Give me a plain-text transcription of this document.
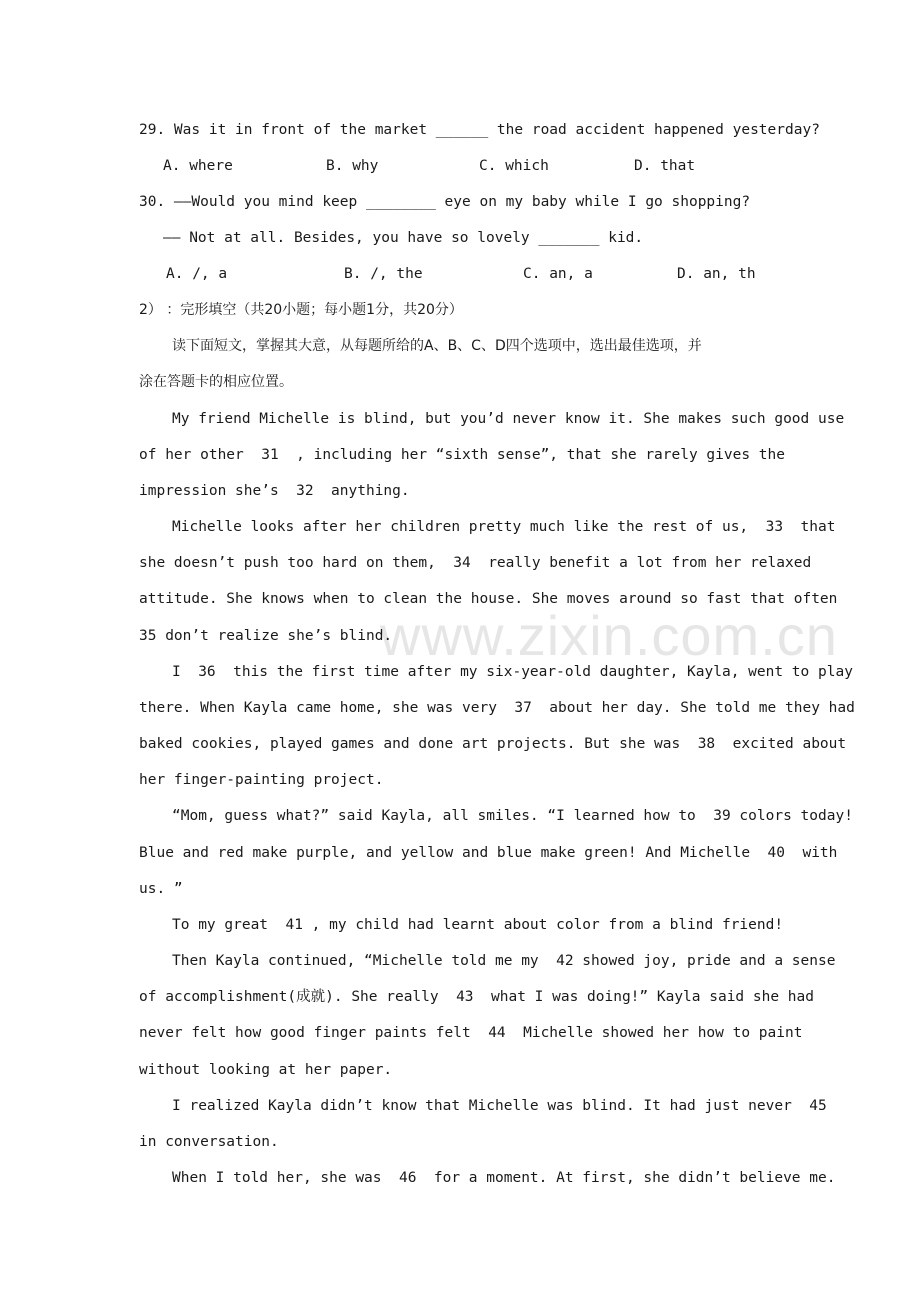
www.zixin.com.cn
29. Was it in front of the market ______ the road accident happened yesterday?
A. where	B. why	C. which	D. that
30. ——Would you mind keep ________ eye on my baby while I go shopping?
—— Not at all. Besides, you have so lovely _______ kid.
A. /, a	B. /, the	C. an, a	D. an, th
2） ：完形填空（共20小题；每小题1分，共20分）
读下面短文，掌握其大意，从每题所给的A、B、C、D四个选项中，选出最佳选项，并
涂在答题卡的相应位置。
My friend Michelle is blind, but you’d never know it. She makes such good use
of her other  31  , including her “sixth sense”, that she rarely gives the
impression she’s  32  anything.
Michelle looks after her children pretty much like the rest of us,  33  that
she doesn’t push too hard on them,  34  really benefit a lot from her relaxed
attitude. She knows when to clean the house. She moves around so fast that often
35 don’t realize she’s blind.
I  36  this the first time after my six-year-old daughter, Kayla, went to play
there. When Kayla came home, she was very  37  about her day. She told me they had
baked cookies, played games and done art projects. But she was  38  excited about
her finger-painting project.
“Mom, guess what?” said Kayla, all smiles. “I learned how to  39 colors today!
Blue and red make purple, and yellow and blue make green! And Michelle  40  with
us. ”
To my great  41 , my child had learnt about color from a blind friend!
Then Kayla continued, “Michelle told me my  42 showed joy, pride and a sense
of accomplishment(成就). She really  43  what I was doing!” Kayla said she had
never felt how good finger paints felt  44  Michelle showed her how to paint
without looking at her paper.
I realized Kayla didn’t know that Michelle was blind. It had just never  45
in conversation.
When I told her, she was  46  for a moment. At first, she didn’t believe me.
